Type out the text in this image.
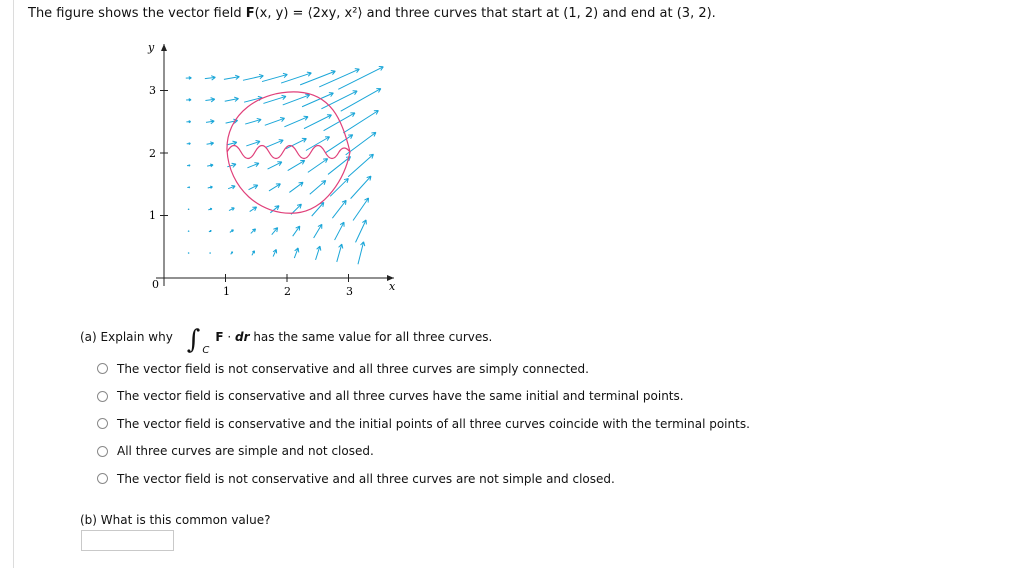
The figure shows the vector field F(x, y) = ⟨2xy, x²⟩ and three curves that start at (1, 2) and end at (3, 2).
y
x
0
1	2	3
1
2
3
(a) Explain why ∫ $_C$F · dr has the same value for all three curves.
The vector field is not conservative and all three curves are simply connected.
The vector field is conservative and all three curves have the same initial and terminal points.
The vector field is conservative and the initial points of all three curves coincide with the terminal points.
All three curves are simple and not closed.
The vector field is not conservative and all three curves are not simple and closed.
(b) What is this common value?
